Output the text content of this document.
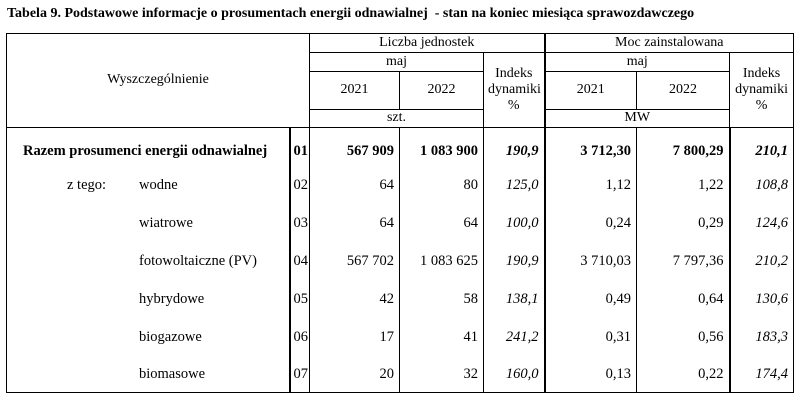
Tabela 9. Podstawowe informacje o prosumentach energii odnawialnej  - stan na koniec miesiąca sprawozdawczego
Wyszczególnienie		Liczba jednostek			Moc zainstalowana		
		maj		Indeks dynamiki %	maj		Indeks dynamiki %
		2021	2022		2021	2022	
		szt.			MW		

Razem prosumenci energii odnawialnej	01	567 909	1 083 900	190,9	3 712,30	7 800,29	210,1
z tego: wodne	02	64	80	125,0	1,12	1,22	108,8
wiatrowe	03	64	64	100,0	0,24	0,29	124,6
fotowoltaiczne (PV)	04	567 702	1 083 625	190,9	3 710,03	7 797,36	210,2
hybrydowe	05	42	58	138,1	0,49	0,64	130,6
biogazowe	06	17	41	241,2	0,31	0,56	183,3
biomasowe	07	20	32	160,0	0,13	0,22	174,4
